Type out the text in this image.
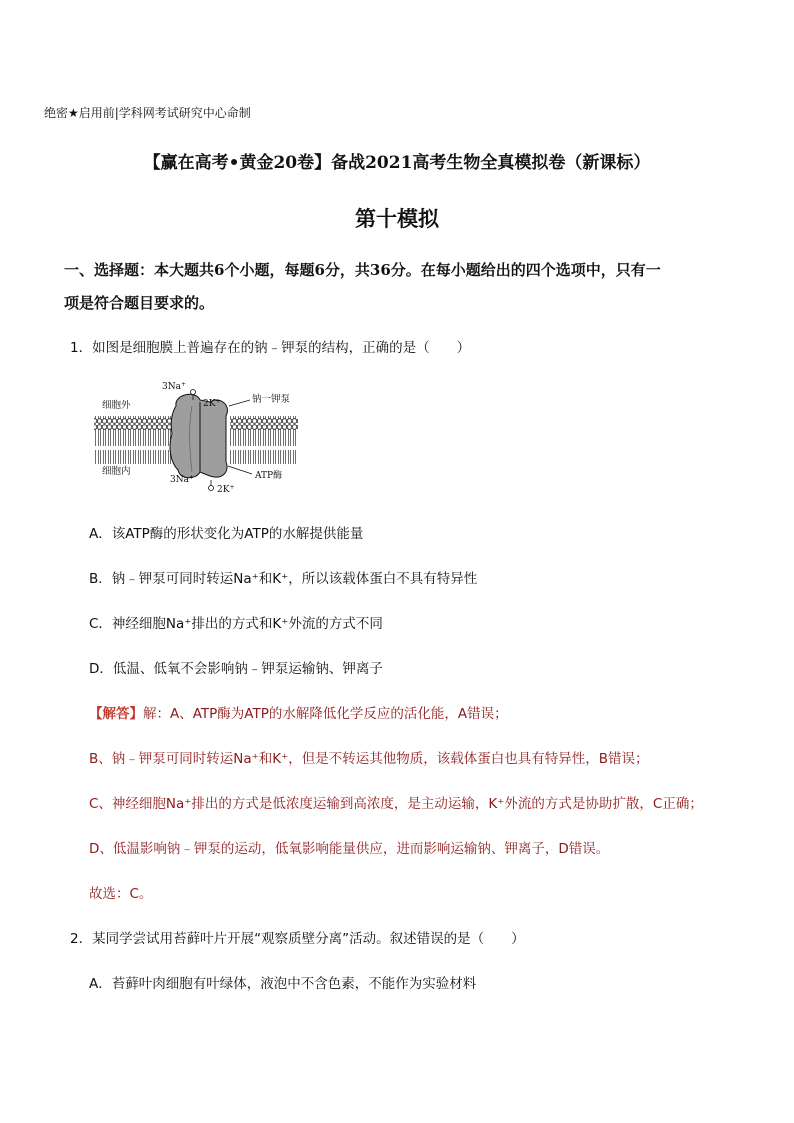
绝密★启用前|学科网考试研究中心命制
【赢在高考•黄金20卷】备战2021高考生物全真模拟卷（新课标）
第十模拟
一、选择题：本大题共6个小题，每题6分，共36分。在每小题给出的四个选项中，只有一
项是符合题目要求的。
1．如图是细胞膜上普遍存在的钠﹣钾泵的结构，正确的是（　　）
细胞外
细胞内
3Na+
2K+	钠一钾泵
ATP酶
3Na+
2K+
A．该ATP酶的形状变化为ATP的水解提供能量
B．钠﹣钾泵可同时转运Na⁺和K⁺，所以该载体蛋白不具有特异性
C．神经细胞Na⁺排出的方式和K⁺外流的方式不同
D．低温、低氧不会影响钠﹣钾泵运输钠、钾离子
【解答】解：A、ATP酶为ATP的水解降低化学反应的活化能，A错误；
B、钠﹣钾泵可同时转运Na⁺和K⁺，但是不转运其他物质，该载体蛋白也具有特异性，B错误；
C、神经细胞Na⁺排出的方式是低浓度运输到高浓度，是主动运输，K⁺外流的方式是协助扩散，C正确；
D、低温影响钠﹣钾泵的运动，低氧影响能量供应，进而影响运输钠、钾离子，D错误。
故选：C。
2．某同学尝试用苔藓叶片开展“观察质壁分离”活动。叙述错误的是（　　）
A．苔藓叶肉细胞有叶绿体，液泡中不含色素，不能作为实验材料
